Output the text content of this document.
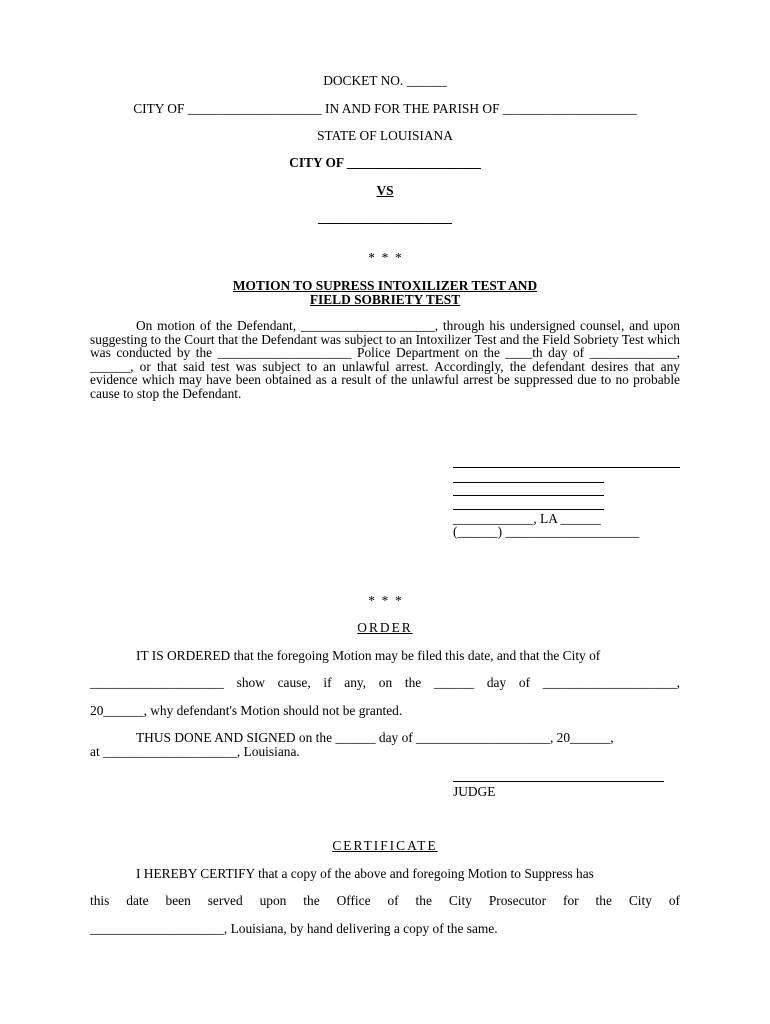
DOCKET NO. ______
CITY OF ____________________ IN AND FOR THE PARISH OF ____________________
STATE OF LOUISIANA
CITY OF ____________________
VS
____________________
*  *  *
MOTION TO SUPRESS INTOXILIZER TEST AND
FIELD SOBRIETY TEST
On motion of the Defendant, ____________________, through his undersigned counsel, and upon suggesting to the Court that the Defendant was subject to an Intoxilizer Test and the Field Sobriety Test which was conducted by the ____________________ Police Department on the ____th day of _____________, ______, or that said test was subject to an unlawful arrest. Accordingly, the defendant desires that any evidence which may have been obtained as a result of the unlawful arrest be suppressed due to no probable cause to stop the Defendant.
____________, LA ______
(______) ____________________
*  *  *
ORDER
IT IS ORDERED that the foregoing Motion may be filed this date, and that the City of
____________________ show cause, if any, on the ______ day of ____________________,
20______, why defendant's Motion should not be granted.
THUS DONE AND SIGNED on the ______ day of ____________________, 20______,
at ____________________, Louisiana.
JUDGE
CERTIFICATE
I HEREBY CERTIFY that a copy of the above and foregoing Motion to Suppress has
this date been served upon the Office of the City Prosecutor for the City of
____________________, Louisiana, by hand delivering a copy of the same.
